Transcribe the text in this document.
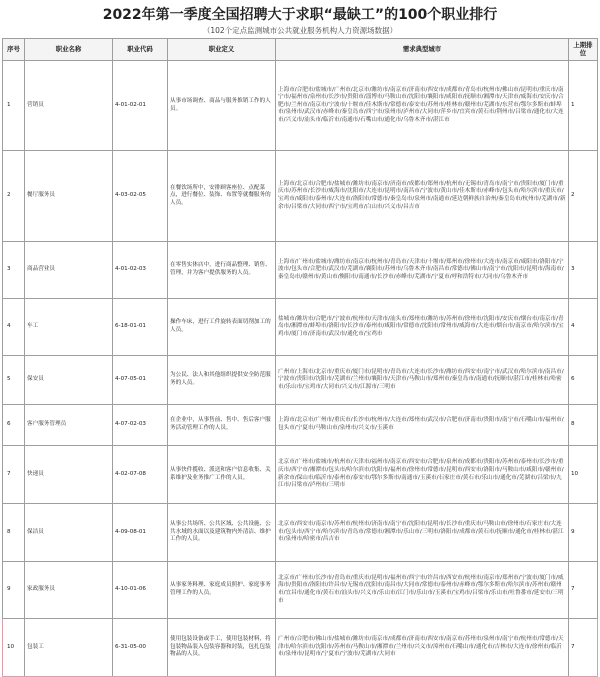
2022年第一季度全国招聘大于求职“最缺工”的100个职业排行
（102个定点监测城市公共就业服务机构人力资源场数据）
序号	职业名称	职业代码	职业定义	需求典型城市	上期排位
1	营销员	4-01-02-01	从事市场调查、商品与服务推销工作的人员。	上海市/合肥市/盐城市/广州市/北京市/潍坊市/南京市/济南市/西安市/成都市/青岛市/杭州市/佛山市/昆明市/重庆市/南宁市/福州市/泉州市/长沙市/贵阳市/淄博市/马鞍山市/沈阳市/襄阳市/咸阳市/抚顺市/湘潭市/天津市/威海市/安庆市/合肥市/兰州市/南京市/宁波市/十堰市/佳木斯市/常德市/泰安市/苏州市/桂林市/赣州市/芜湖市/东营市/鄂尔多斯市/蚌埠市/泉州市/武汉市/赤峰市/秦皇岛市/西宁市/泉州市/泸州市/大同市/萍乡市/宜宾市/黄石市/荆州市/吕梁市/通化市/大连市/兴义市/汕头市/临沂市/南通市/石嘴山市/通化市/乌鲁木齐市/湛江市	1
2	餐厅服务员	4-03-02-05	在餐饮场所中，安排顾客座位、点配菜点，进行餐位、装饰、布置等就餐服务的人员。	上海市/北京市/合肥市/盐城市/潍坊市/南京市/济南市/成都市/郑州市/杭州市/无锡市/青岛市/南宁市/贵阳市/厦门市/重庆市/苏州市/长沙市/威海市/沈阳市/大连市/昆明市/南昌市/宁波市/黄山市/佳木斯市/赤峰市/包头市/哈尔滨市/重庆市/宝鸡市/咸阳市/泰州市/大连市/洛阳市/常德市/秦皇岛市/泉州市/南通市/延边朝鲜族自治州/秦皇岛市/杭州市/芜湖市/新余市/吕梁市/大同市/西宁市/宝鸡市/白山市/兴义市/昌吉市	2
3	商品营业员	4-01-02-03	在零售实体店中，进行商品整理、销售、管理，并为客户提供服务的人员。	上海市/广州市/盐城市/潍坊市/南京市/杭州市/青岛市/天津市/十堰市/郑州市/徐州市/大连市/南京市/咸阳市/洛阳市/宁波市/包头市/合肥市/武汉市/芜湖市/襄阳市/苏州市/乌鲁木齐市/南昌市/常德市/佛山市/南宁市/沈阳市/昆明市/海南市/秦皇岛市/赣州市/黄山市/衡阳市/南通市/长沙市/赤峰市/芜湖市/宁夏市/呼和浩特市/大同市/乌鲁木齐市	3
4	车工	6-18-01-01	操作车床，进行工件旋转表面切削加工的人员。	盐城市/潍坊市/合肥市/宁波市/杭州市/天津市/汕头市/郑州市/潍坊市/苏州市/徐州市/沈阳市/安庆市/烟台市/南京市/青岛市/湘潭市/蚌埠市/洛阳市/长沙市/泰州市/咸阳市/常德市/沈阳市/常州市/威海市/大连市/烟台市/南京市/哈尔滨市/宝鸡市/厦门市/济南市/武汉市/通化市/宝鸡市	4
5	保安员	4-07-05-01	为公民、法人和其他组织提供安全防范服务的人员。	广州市/上海市/北京市/重庆市/厦门市/昆明市/青岛市/大连市/长沙市/潍坊市/西安市/南宁市/武汉市/哈尔滨市/南昌市/宁波市/贵阳市/沈阳市/芜湖市/兰州市/襄阳市/天津市/马鞍山市/郑州市/秦皇岛市/南通市/抚顺市/湛江市/桂林市/哈密市/乐山市/宝鸡市/大同市/兴义市/江源市/三明市	6
6	客户服务管理员	4-07-02-03	在企业中，从事售前、售中、售后客户服务活动管理工作的人员。	上海市/北京市/广州市/重庆市/长沙市/杭州市/大连市/郑州市/武汉市/合肥市/济南市/贵阳市/南宁市/石嘴山市/福州市/包头市/宁夏市/马鞍山市/泉州市/兴义市/玉溪市	8
7	快递员	4-02-07-08	从事快件揽收、派送和客户信息收集、关系维护及业务推广工作的人员。	北京市/广州市/盐城市/杭州市/天津市/福州市/南京市/西安市/合肥市/泉州市/成都市/贵阳市/苏州市/泰州市/长沙市/重庆市/西宁市/湘潭市/包头市/哈尔滨市/沈阳市/福州市/徐州市/常德市/昆明市/西安市/洛阳市/马鞍山市/咸阳市/赣州市/新余市/保山市/临沂市/泰州市/泰安市/鄂尔多斯市/南通市/玉溪市/石家庄市/黄石市/乐山市/通化市/芜湖市/吕梁市/九江市/吕梁市/泸州市/三明市	10
8	保洁员	4-09-08-01	从事公共场所、公共区域、公共设施、公共水域的水面以及建筑物内外清洁、维护工作的人员。	北京市/西安市/南京市/苏州市/杭州市/济南市/南宁市/沈阳市/昆明市/长沙市/重庆市/马鞍山市/徐州市/石家庄市/大连市/包头市/西宁市/哈尔滨市/青岛市/常德市/湘潭市/乐山市/三明市/洛阳市/成都市/黄石市/抚顺市/通化市/桂林市/湛江市/泉州市/哈密市/昌吉市	9
9	家政服务员	4-10-01-06	从事家务料理、家庭成员照护、家庭事务管理工作的人员。	北京市/广州市/长沙市/青岛市/重庆市/昆明市/福州市/西宁市/许昌市/西安市/杭州市/南京市/郑州市/宁波市/厦门市/威海市/贵阳市/洛阳市/许昌市/无锡市/沈阳市/南昌市/大同市/常德市/泰州市/赤峰市/鄂尔多斯市/哈尔滨市/苏州市/赣州市/宜昌市/通化市/黄石市/汕头市/兴义市/乐山市/江门市/乐山市/玉溪市/宝鸡市/吕梁市/乐山市/吐鲁番市/延安市/三明市	7
10	包装工	6-31-05-00	使用包装设备或手工，使用包装材料，将包装物品装入包装容器和封装，包扎包装物品的人员。	广州市/合肥市/佛山市/盐城市/潍坊市/南京市/成都市/济南市/西安市/南京市/苏州市/泉州市/南宁市/杭州市/常德市/天津市/哈尔滨市/沈阳市/苏州市/马鞍山市/湘潭市/兰州市/兴义市/漳州市/石嘴山市/通化市/吉林市/大连市/徐州市/临沂市/泉州市/昆明市/宁夏市/宁波市/芜湖市/大同市	7
